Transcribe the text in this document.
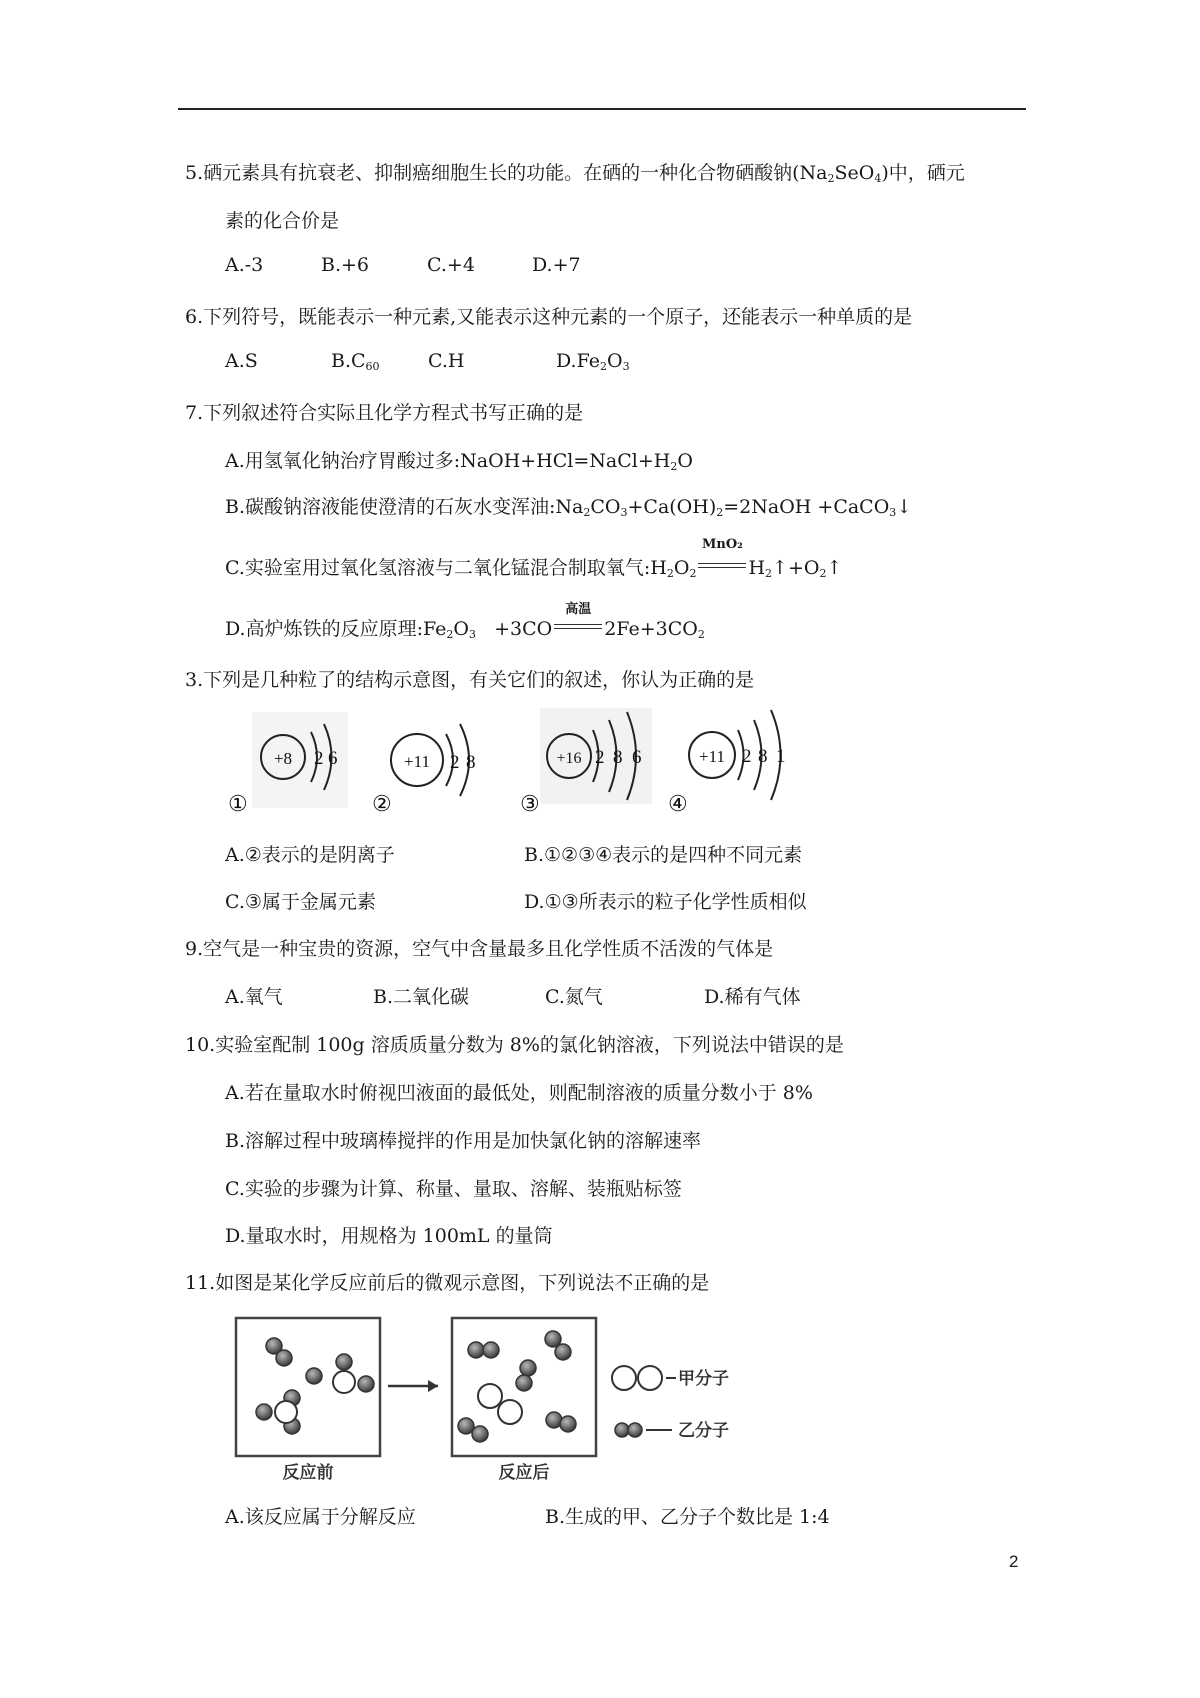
5.硒元素具有抗衰老、抑制癌细胞生长的功能。在硒的一种化合物硒酸钠$(Na_2SeO_4)$中，硒元
素的化合价是
A.-3	B.+6	C.+4	D.+7
6.下列符号，既能表示一种元素,又能表示这种元素的一个原子，还能表示一种单质的是
A.S	$B.C_{60}$	C.H	$D.Fe_2O_3$
7.下列叙述符合实际且化学方程式书写正确的是
A.用氢氧化钠治疗胃酸过多$:NaOH+HCl=NaCl+H_2O$
B.碳酸钠溶液能使澄清的石灰水变浑油$:Na_2CO_3+Ca(OH)_2=2NaOH$ +CaCO$_3$↓
C.实验室用过氧化氢溶液与二氧化锰混合制取氧气$:H_2O_2$
MnO₂
$H_2↑+O_2↑$
D.高炉炼铁的反应原理$:Fe_2O_3 +3CO$
高温
$2Fe+3CO_2$
3.下列是几种粒了的结构示意图，有关它们的叙述，你认为正确的是
+8 2 6
①
+11 2 8
②
+16 2 8 6
③
+11 2 8 1
④
A.②表示的是阴离子	B.①②③④表示的是四种不同元素
C.③属于金属元素	D.①③所表示的粒子化学性质相似
9.空气是一种宝贵的资源，空气中含量最多且化学性质不活泼的气体是
A.氧气	B.二氧化碳	C.氮气	D.稀有气体
10.实验室配制 100g 溶质质量分数为 8%的氯化钠溶液，下列说法中错误的是
A.若在量取水时俯视凹液面的最低处，则配制溶液的质量分数小于 8%
B.溶解过程中玻璃棒搅拌的作用是加快氯化钠的溶解速率
C.实验的步骤为计算、称量、量取、溶解、装瓶贴标签
D.量取水时，用规格为 100mL 的量筒
11.如图是某化学反应前后的微观示意图，下列说法不正确的是
反应前	反应后
甲分子
乙分子
A.该反应属于分解反应	B.生成的甲、乙分子个数比是 1:4
2
